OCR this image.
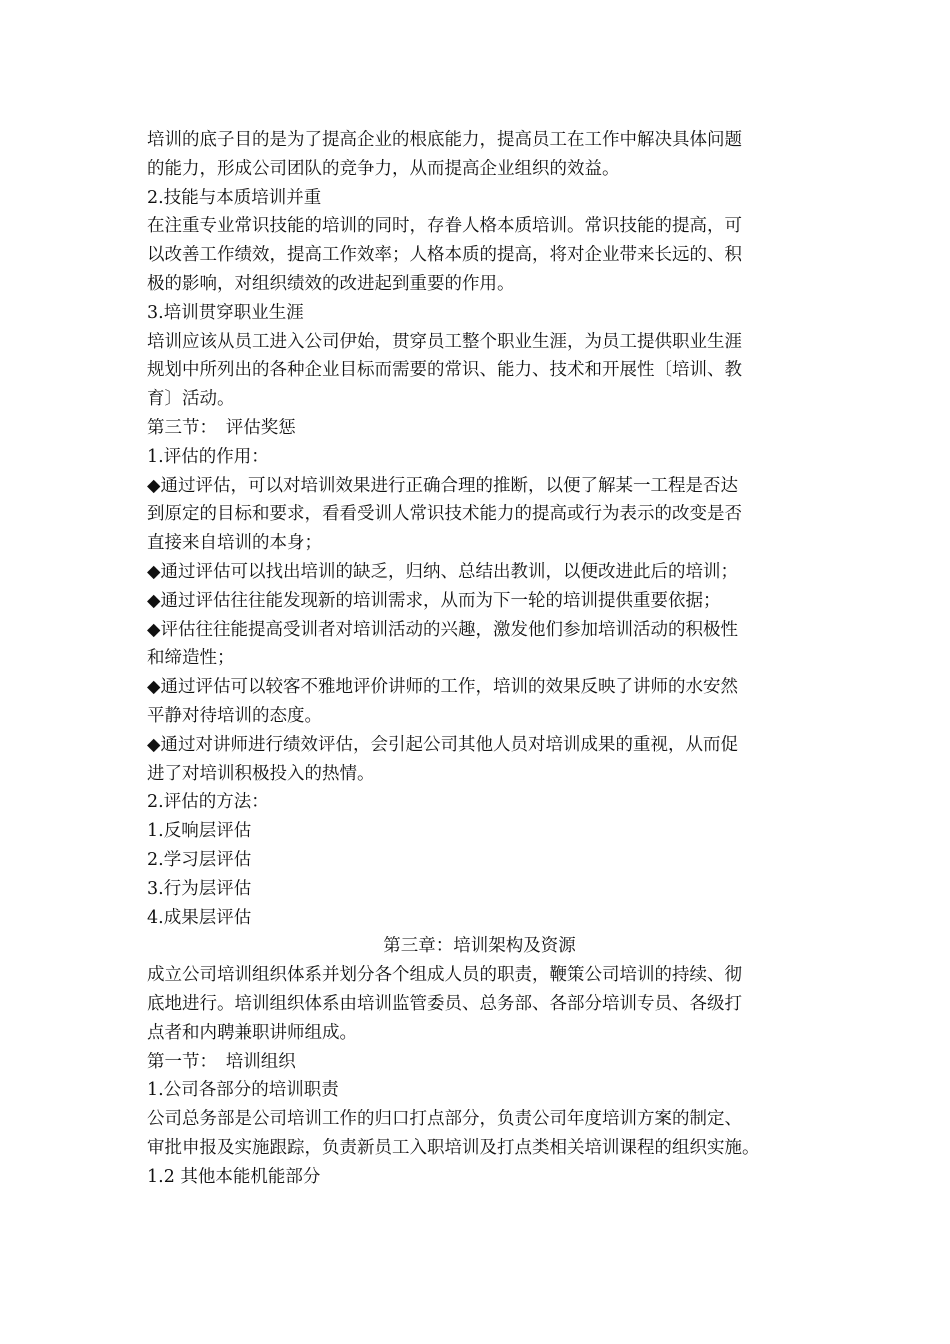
培训的底子目的是为了提高企业的根底能力，提高员工在工作中解决具体问题
的能力，形成公司团队的竞争力，从而提高企业组织的效益。
2.技能与本质培训并重
在注重专业常识技能的培训的同时，存眷人格本质培训。常识技能的提高，可
以改善工作绩效，提高工作效率；人格本质的提高，将对企业带来长远的、积
极的影响，对组织绩效的改进起到重要的作用。
3.培训贯穿职业生涯
培训应该从员工进入公司伊始，贯穿员工整个职业生涯，为员工提供职业生涯
规划中所列出的各种企业目标而需要的常识、能力、技术和开展性〔培训、教
育〕活动。
第三节：　评估奖惩
1.评估的作用：
◆通过评估，可以对培训效果进行正确合理的推断，以便了解某一工程是否达
到原定的目标和要求，看看受训人常识技术能力的提高或行为表示的改变是否
直接来自培训的本身；
◆通过评估可以找出培训的缺乏，归纳、总结出教训，以便改进此后的培训；
◆通过评估往往能发现新的培训需求，从而为下一轮的培训提供重要依据；
◆评估往往能提高受训者对培训活动的兴趣，激发他们参加培训活动的积极性
和缔造性；
◆通过评估可以较客不雅地评价讲师的工作，培训的效果反映了讲师的水安然
平静对待培训的态度。
◆通过对讲师进行绩效评估，会引起公司其他人员对培训成果的重视，从而促
进了对培训积极投入的热情。
2.评估的方法：
1.反响层评估
2.学习层评估
3.行为层评估
4.成果层评估
第三章：培训架构及资源
成立公司培训组织体系并划分各个组成人员的职责，鞭策公司培训的持续、彻
底地进行。培训组织体系由培训监管委员、总务部、各部分培训专员、各级打
点者和内聘兼职讲师组成。
第一节：　培训组织
1.公司各部分的培训职责
公司总务部是公司培训工作的归口打点部分，负责公司年度培训方案的制定、
审批申报及实施跟踪，负责新员工入职培训及打点类相关培训课程的组织实施。
1.2 其他本能机能部分
